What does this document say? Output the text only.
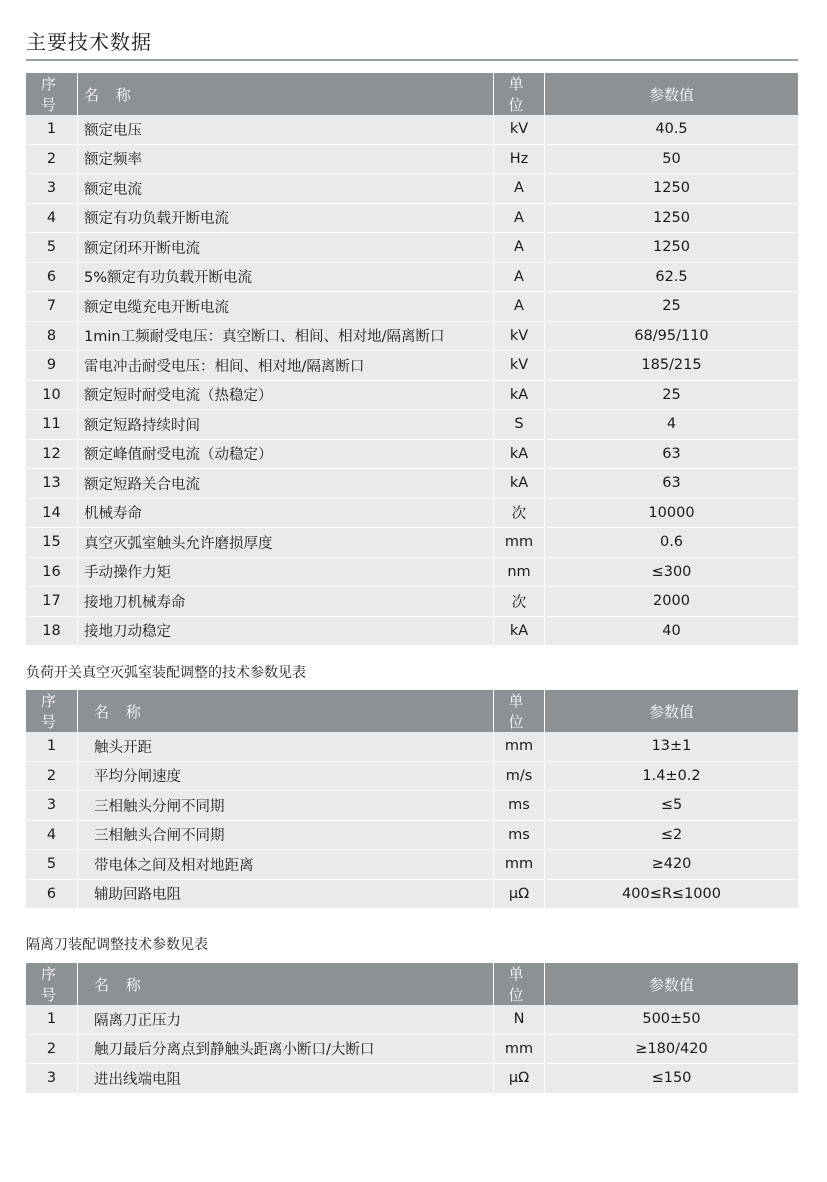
主要技术数据
序 号	名 称	单 位	参数值
1	额定电压	kV	40.5
2	额定频率	Hz	50
3	额定电流	A	1250
4	额定有功负载开断电流	A	1250
5	额定闭环开断电流	A	1250
6	5%额定有功负载开断电流	A	62.5
7	额定电缆充电开断电流	A	25
8	1min工频耐受电压：真空断口、相间、相对地/隔离断口	kV	68/95/110
9	雷电冲击耐受电压：相间、相对地/隔离断口	kV	185/215
10	额定短时耐受电流（热稳定）	kA	25
11	额定短路持续时间	S	4
12	额定峰值耐受电流（动稳定）	kA	63
13	额定短路关合电流	kA	63
14	机械寿命	次	10000
15	真空灭弧室触头允许磨损厚度	mm	0.6
16	手动操作力矩	nm	≤300
17	接地刀机械寿命	次	2000
18	接地刀动稳定	kA	40
负荷开关真空灭弧室装配调整的技术参数见表
序 号	名 称	单 位	参数值
1	触头开距	mm	13±1
2	平均分闸速度	m/s	1.4±0.2
3	三相触头分闸不同期	ms	≤5
4	三相触头合闸不同期	ms	≤2
5	带电体之间及相对地距离	mm	≥420
6	辅助回路电阻	μΩ	400≤R≤1000
隔离刀装配调整技术参数见表
序 号	名 称	单 位	参数值
1	隔离刀正压力	N	500±50
2	触刀最后分离点到静触头距离小断口/大断口	mm	≥180/420
3	进出线端电阻	μΩ	≤150
